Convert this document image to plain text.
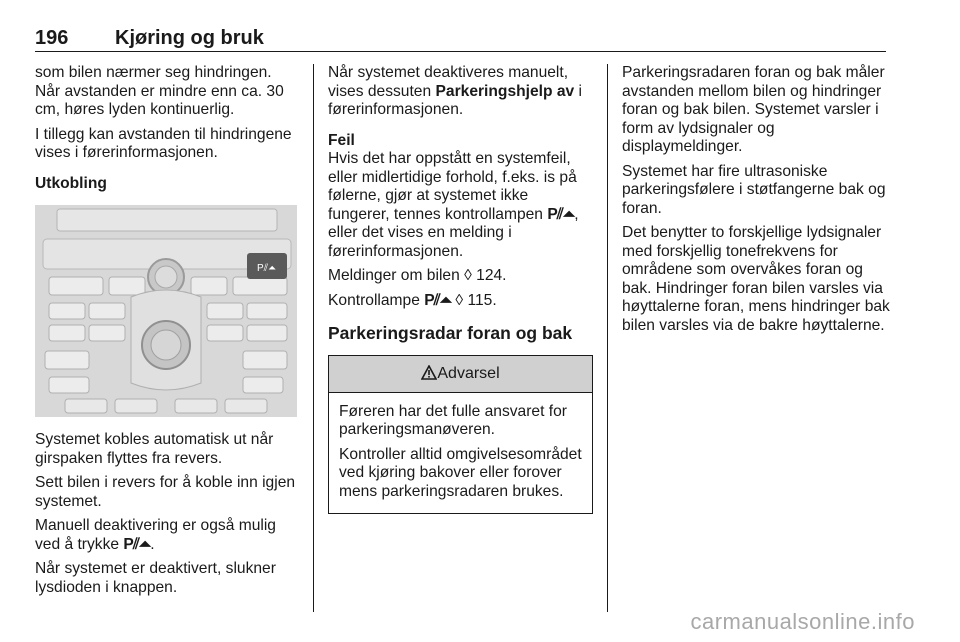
196 Kjøring og bruk

som bilen nærmer seg hindringen. Når avstanden er mindre enn ca. 30 cm, høres lyden kontinuerlig.

I tillegg kan avstanden til hindringene vises i førerinformasjonen.

Utkobling

P⫽⏶

Systemet kobles automatisk ut når girspaken flyttes fra revers.

Sett bilen i revers for å koble inn igjen systemet.

Manuell deaktivering er også mulig ved å trykke P⫽⏶.

Når systemet er deaktivert, slukner lysdioden i knappen.

Når systemet deaktiveres manuelt, vises dessuten Parkeringshjelp av i førerinformasjonen.

Feil

Hvis det har oppstått en systemfeil, eller midlertidige forhold, f.eks. is på følerne, gjør at systemet ikke fungerer, tennes kontrollampen P⫽⏶, eller det vises en melding i førerinformasjonen.

Meldinger om bilen ◊ 124.

Kontrollampe P⫽⏶ ◊ 115.

Parkeringsradar foran og bak

Advarsel

Føreren har det fulle ansvaret for parkeringsmanøveren.

Kontroller alltid omgivelsesområdet ved kjøring bakover eller forover mens parkeringsradaren brukes.

Parkeringsradaren foran og bak måler avstanden mellom bilen og hindringer foran og bak bilen. Systemet varsler i form av lydsignaler og displaymeldinger.

Systemet har fire ultrasoniske parkeringsfølere i støtfangerne bak og foran.

Det benytter to forskjellige lydsignaler med forskjellig tonefrekvens for områdene som overvåkes foran og bak. Hindringer foran bilen varsles via høyttalerne foran, mens hindringer bak bilen varsles via de bakre høyttalerne.

carmanualsonline.info
